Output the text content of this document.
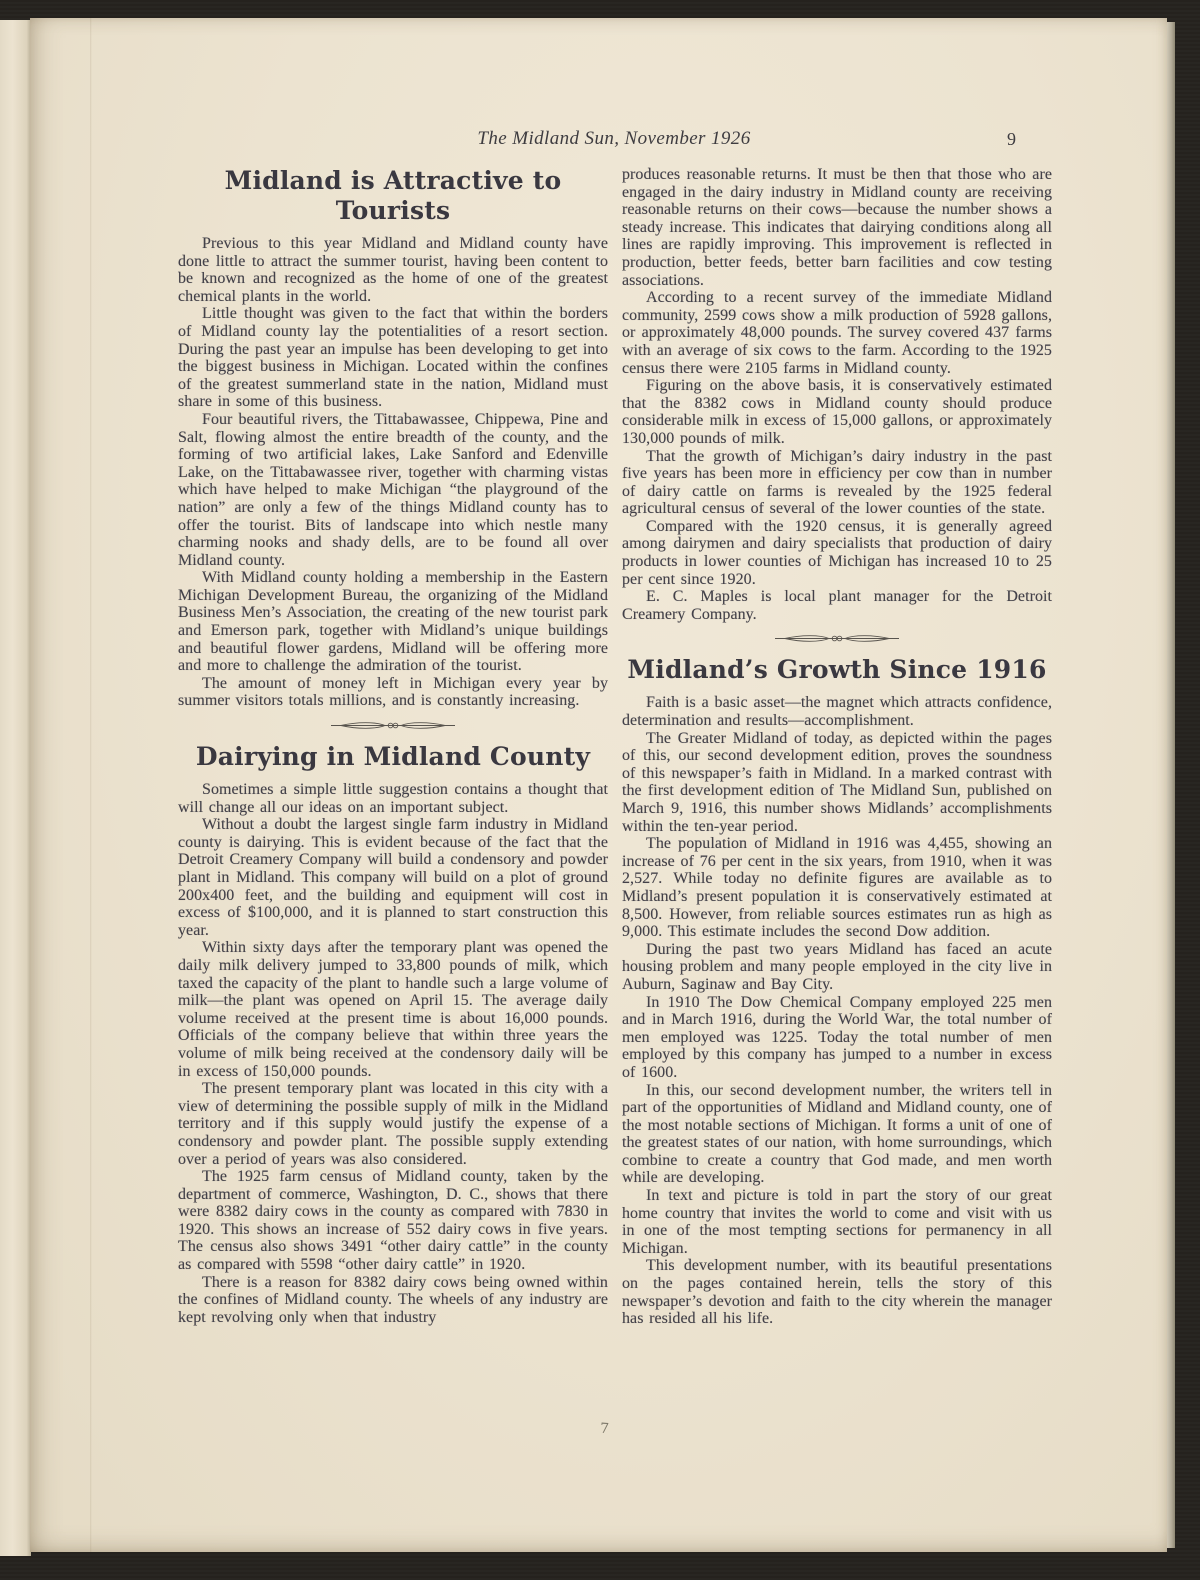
The Midland Sun, November 1926	9
Midland is Attractive to Tourists

Previous to this year Midland and Midland county have done little to attract the summer tourist, having been content to be known and recognized as the home of one of the greatest chemical plants in the world.

Little thought was given to the fact that within the borders of Midland county lay the potentialities of a resort section. During the past year an impulse has been developing to get into the biggest business in Michigan. Located within the confines of the greatest summerland state in the nation, Midland must share in some of this business.

Four beautiful rivers, the Tittabawassee, Chippewa, Pine and Salt, flowing almost the entire breadth of the county, and the forming of two artificial lakes, Lake Sanford and Edenville Lake, on the Tittabawassee river, together with charming vistas which have helped to make Michigan “the playground of the nation” are only a few of the things Midland county has to offer the tourist. Bits of landscape into which nestle many charming nooks and shady dells, are to be found all over Midland county.

With Midland county holding a membership in the Eastern Michigan Development Bureau, the organizing of the Midland Business Men’s Association, the creating of the new tourist park and Emerson park, together with Midland’s unique buildings and beautiful flower gardens, Midland will be offering more and more to challenge the admiration of the tourist.

The amount of money left in Michigan every year by summer visitors totals millions, and is constantly increasing.

Dairying in Midland County

Sometimes a simple little suggestion contains a thought that will change all our ideas on an important subject.

Without a doubt the largest single farm industry in Midland county is dairying. This is evident because of the fact that the Detroit Creamery Company will build a condensory and powder plant in Midland. This company will build on a plot of ground 200x400 feet, and the building and equipment will cost in excess of $100,000, and it is planned to start construction this year.

Within sixty days after the temporary plant was opened the daily milk delivery jumped to 33,800 pounds of milk, which taxed the capacity of the plant to handle such a large volume of milk—the plant was opened on April 15. The average daily volume received at the present time is about 16,000 pounds. Officials of the company believe that within three years the volume of milk being received at the condensory daily will be in excess of 150,000 pounds.

The present temporary plant was located in this city with a view of determining the possible supply of milk in the Midland territory and if this supply would justify the expense of a condensory and powder plant. The possible supply extending over a period of years was also considered.

The 1925 farm census of Midland county, taken by the department of commerce, Washington, D. C., shows that there were 8382 dairy cows in the county as compared with 7830 in 1920. This shows an increase of 552 dairy cows in five years. The census also shows 3491 “other dairy cattle” in the county as compared with 5598 “other dairy cattle” in 1920.

There is a reason for 8382 dairy cows being owned within the confines of Midland county. The wheels of any industry are kept revolving only when that industry

produces reasonable returns. It must be then that those who are engaged in the dairy industry in Midland county are receiving reasonable returns on their cows—because the number shows a steady increase. This indicates that dairying conditions along all lines are rapidly improving. This improvement is reflected in production, better feeds, better barn facilities and cow testing associations.

According to a recent survey of the immediate Midland community, 2599 cows show a milk production of 5928 gallons, or approximately 48,000 pounds. The survey covered 437 farms with an average of six cows to the farm. According to the 1925 census there were 2105 farms in Midland county.

Figuring on the above basis, it is conservatively estimated that the 8382 cows in Midland county should produce considerable milk in excess of 15,000 gallons, or approximately 130,000 pounds of milk.

That the growth of Michigan’s dairy industry in the past five years has been more in efficiency per cow than in number of dairy cattle on farms is revealed by the 1925 federal agricultural census of several of the lower counties of the state.

Compared with the 1920 census, it is generally agreed among dairymen and dairy specialists that production of dairy products in lower counties of Michigan has increased 10 to 25 per cent since 1920.

E. C. Maples is local plant manager for the Detroit Creamery Company.

Midland’s Growth Since 1916

Faith is a basic asset—the magnet which attracts confidence, determination and results—accomplishment.

The Greater Midland of today, as depicted within the pages of this, our second development edition, proves the soundness of this newspaper’s faith in Midland. In a marked contrast with the first development edition of The Midland Sun, published on March 9, 1916, this number shows Midlands’ accomplishments within the ten-year period.

The population of Midland in 1916 was 4,455, showing an increase of 76 per cent in the six years, from 1910, when it was 2,527. While today no definite figures are available as to Midland’s present population it is conservatively estimated at 8,500. However, from reliable sources estimates run as high as 9,000. This estimate includes the second Dow addition.

During the past two years Midland has faced an acute housing problem and many people employed in the city live in Auburn, Saginaw and Bay City.

In 1910 The Dow Chemical Company employed 225 men and in March 1916, during the World War, the total number of men employed was 1225. Today the total number of men employed by this company has jumped to a number in excess of 1600.

In this, our second development number, the writers tell in part of the opportunities of Midland and Midland county, one of the most notable sections of Michigan. It forms a unit of one of the greatest states of our nation, with home surroundings, which combine to create a country that God made, and men worth while are developing.

In text and picture is told in part the story of our great home country that invites the world to come and visit with us in one of the most tempting sections for permanency in all Michigan.

This development number, with its beautiful presentations on the pages contained herein, tells the story of this newspaper’s devotion and faith to the city wherein the manager has resided all his life.

7
